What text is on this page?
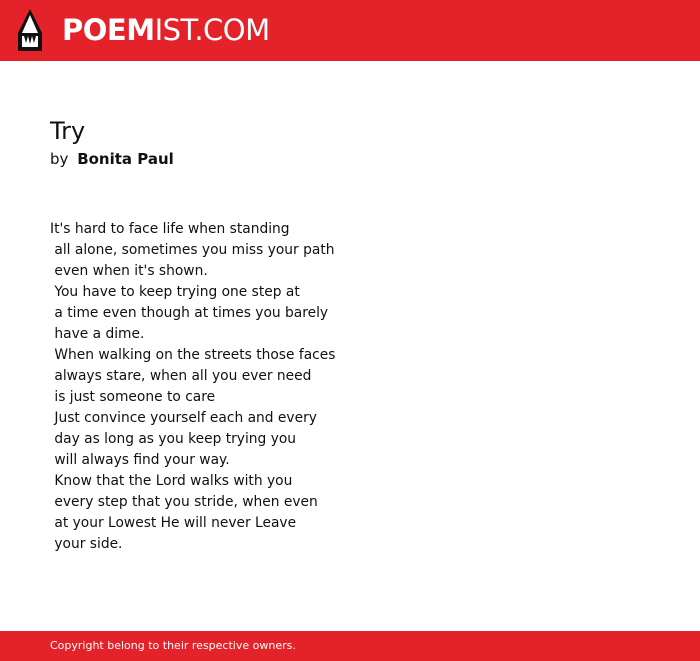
POEMIST.COM
Try
by Bonita Paul
It's hard to face life when standing
all alone, sometimes you miss your path
even when it's shown.
You have to keep trying one step at
a time even though at times you barely
have a dime.
When walking on the streets those faces
always stare, when all you ever need
is just someone to care
Just convince yourself each and every
day as long as you keep trying you
will always find your way.
Know that the Lord walks with you
every step that you stride, when even
at your Lowest He will never Leave
your side.
Copyright belong to their respective owners.
